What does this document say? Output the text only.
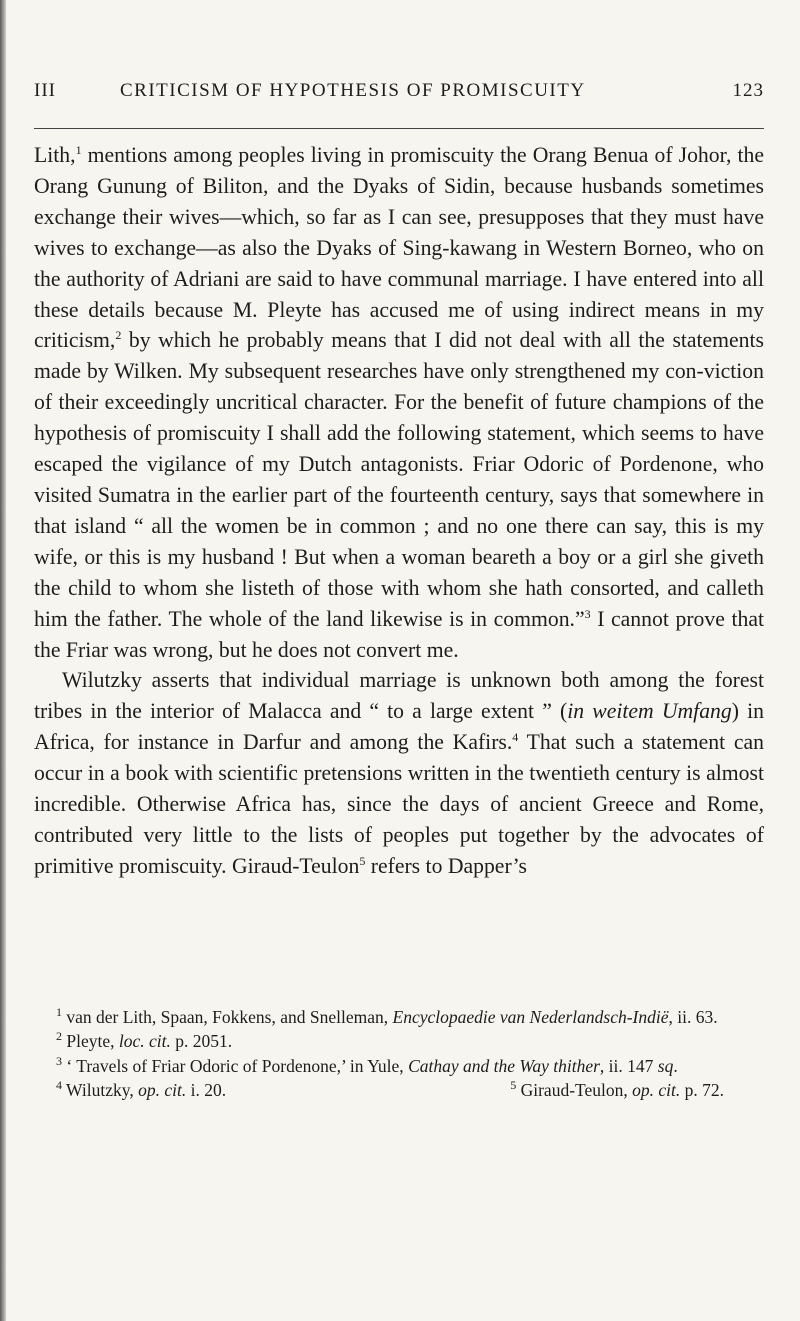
III	CRITICISM OF HYPOTHESIS OF PROMISCUITY	123

Lith,$^1$ mentions among peoples living in promiscuity the Orang Benua of Johor, the Orang Gunung of Biliton, and the Dyaks of Sidin, because husbands sometimes exchange their wives—which, so far as I can see, presupposes that they must have wives to exchange—as also the Dyaks of Sing-kawang in Western Borneo, who on the authority of Adriani are said to have communal marriage. I have entered into all these details because M. Pleyte has accused me of using indirect means in my criticism,$^2$ by which he probably means that I did not deal with all the statements made by Wilken. My subsequent researches have only strengthened my con-viction of their exceedingly uncritical character. For the benefit of future champions of the hypothesis of promiscuity I shall add the following statement, which seems to have escaped the vigilance of my Dutch antagonists. Friar Odoric of Pordenone, who visited Sumatra in the earlier part of the fourteenth century, says that somewhere in that island “ all the women be in common ; and no one there can say, this is my wife, or this is my husband ! But when a woman beareth a boy or a girl she giveth the child to whom she listeth of those with whom she hath consorted, and calleth him the father. The whole of the land likewise is in common.”$^3$ I cannot prove that the Friar was wrong, but he does not convert me.

Wilutzky asserts that individual marriage is unknown both among the forest tribes in the interior of Malacca and “ to a large extent ” (in weitem Umfang) in Africa, for instance in Darfur and among the Kafirs.$^4$ That such a statement can occur in a book with scientific pretensions written in the twentieth century is almost incredible. Otherwise Africa has, since the days of ancient Greece and Rome, contributed very little to the lists of peoples put together by the advocates of primitive promiscuity. Giraud-Teulon$^5$ refers to Dapper’s

$^1$ van der Lith, Spaan, Fokkens, and Snelleman, Encyclopaedie van Nederlandsch-Indië, ii. 63.

$^2$ Pleyte, loc. cit. p. 2051.

$^3$ ‘ Travels of Friar Odoric of Pordenone,’ in Yule, Cathay and the Way thither, ii. 147 sq.

$^4$ Wilutzky, op. cit. i. 20.	$^5$ Giraud-Teulon, op. cit. p. 72.
